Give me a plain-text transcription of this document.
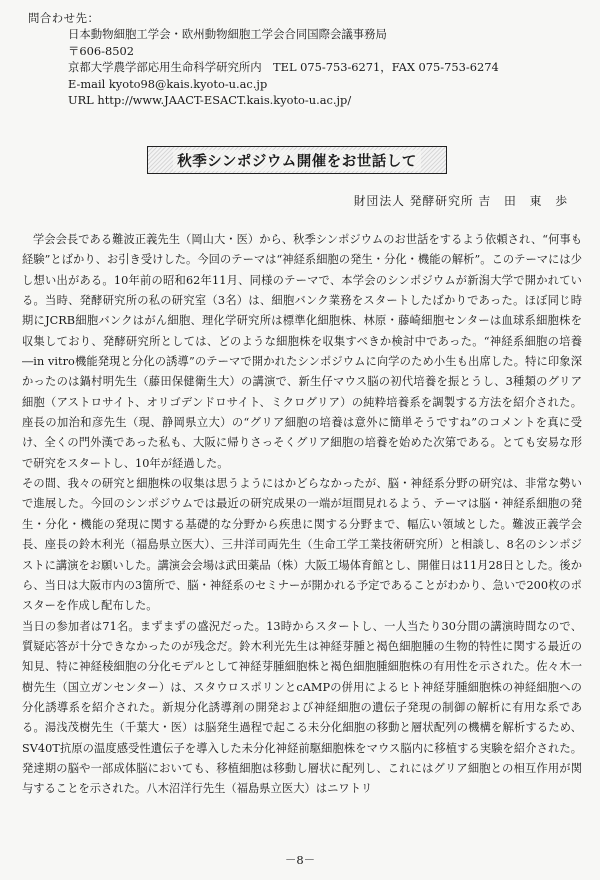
問合わせ先：
日本動物細胞工学会・欧州動物細胞工学会合同国際会議事務局
〒606-8502
京都大学農学部応用生命科学研究所内　TEL 075-753-6271，FAX 075-753-6274
E-mail kyoto98@kais.kyoto-u.ac.jp
URL http://www.JAACT-ESACT.kais.kyoto-u.ac.jp/
秋季シンポジウム開催をお世話して
財団法人 発酵研究所 吉　田　東　歩

学会会長である難波正義先生（岡山大・医）から、秋季シンポジウムのお世話をするよう依頼され、“何事も経験”とばかり、お引き受けした。今回のテーマは“神経系細胞の発生・分化・機能の解析”。このテーマには少し想い出がある。10年前の昭和62年11月、同様のテーマで、本学会のシンポジウムが新潟大学で開かれている。当時、発酵研究所の私の研究室（3名）は、細胞バンク業務をスタートしたばかりであった。ほぼ同じ時期にJCRB細胞バンクはがん細胞、理化学研究所は標準化細胞株、林原・藤崎細胞センターは血球系細胞株を収集しており、発酵研究所としては、どのような細胞株を収集すべきか検討中であった。“神経系細胞の培養―in vitro機能発現と分化の誘導”のテーマで開かれたシンポジウムに向学のため小生も出席した。特に印象深かったのは鍋村明先生（藤田保健衛生大）の講演で、新生仔マウス脳の初代培養を振とうし、3種類のグリア細胞（アストロサイト、オリゴデンドロサイト、ミクログリア）の純粋培養系を調製する方法を紹介された。座長の加治和彦先生（現、静岡県立大）の“グリア細胞の培養は意外に簡単そうですね”のコメントを真に受け、全くの門外漢であった私も、大阪に帰りさっそくグリア細胞の培養を始めた次第である。とても安易な形で研究をスタートし、10年が経過した。

その間、我々の研究と細胞株の収集は思うようにはかどらなかったが、脳・神経系分野の研究は、非常な勢いで進展した。今回のシンポジウムでは最近の研究成果の一端が垣間見れるよう、テーマは脳・神経系細胞の発生・分化・機能の発現に関する基礎的な分野から疾患に関する分野まで、幅広い領域とした。難波正義学会長、座長の鈴木利光（福島県立医大）、三井洋司両先生（生命工学工業技術研究所）と相談し、8名のシンポジストに講演をお願いした。講演会会場は武田薬品（株）大阪工場体育館とし、開催日は11月28日とした。後から、当日は大阪市内の3箇所で、脳・神経系のセミナーが開かれる予定であることがわかり、急いで200枚のポスターを作成し配布した。

当日の参加者は71名。まずまずの盛況だった。13時からスタートし、一人当たり30分間の講演時間なので、質疑応答が十分できなかったのが残念だ。鈴木利光先生は神経芽腫と褐色細胞腫の生物的特性に関する最近の知見、特に神経稜細胞の分化モデルとして神経芽腫細胞株と褐色細胞腫細胞株の有用性を示された。佐々木一樹先生（国立ガンセンター）は、スタウロスポリンとcAMPの併用によるヒト神経芽腫細胞株の神経細胞への分化誘導系を紹介された。新規分化誘導剤の開発および神経細胞の遺伝子発現の制御の解析に有用な系である。湯浅茂樹先生（千葉大・医）は脳発生過程で起こる未分化細胞の移動と層状配列の機構を解析するため、SV40T抗原の温度感受性遺伝子を導入した未分化神経前駆細胞株をマウス脳内に移植する実験を紹介された。発達期の脳や一部成体脳においても、移植細胞は移動し層状に配列し、これにはグリア細胞との相互作用が関与することを示された。八木沼洋行先生（福島県立医大）はニワトリ

－8－
